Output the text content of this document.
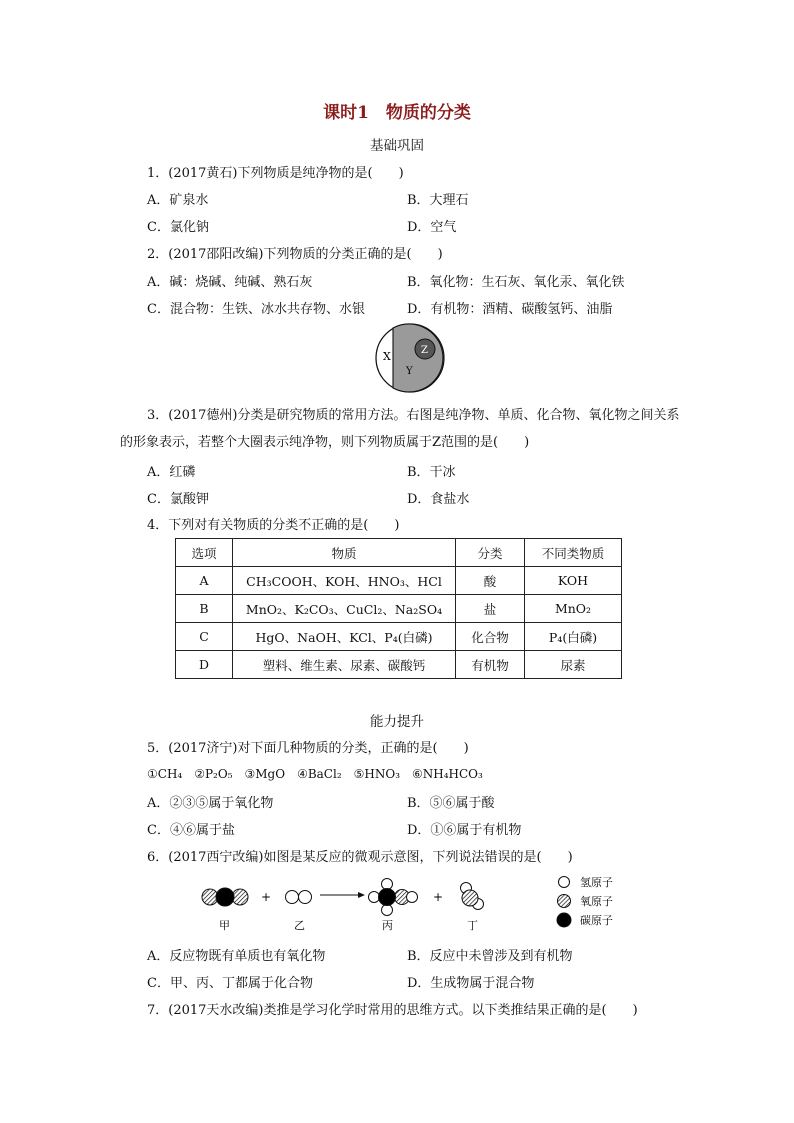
课时1　物质的分类
基础巩固
1．(2017黄石)下列物质是纯净物的是(　　)
A．矿泉水	B．大理石
C．氯化钠	D．空气
2．(2017邵阳改编)下列物质的分类正确的是(　　)
A．碱：烧碱、纯碱、熟石灰	B．氧化物：生石灰、氧化汞、氧化铁
C．混合物：生铁、冰水共存物、水银	D．有机物：酒精、碳酸氢钙、油脂
X
Y
Z
3．(2017德州)分类是研究物质的常用方法。右图是纯净物、单质、化合物、氧化物之间关系的形象表示，若整个大圈表示纯净物，则下列物质属于Z范围的是(　　)
A．红磷	B．干冰
C．氯酸钾	D．食盐水
4．下列对有关物质的分类不正确的是(　　)
选项	物质	分类	不同类物质
A	CH₃COOH、KOH、HNO₃、HCl	酸	KOH
B	MnO₂、K₂CO₃、CuCl₂、Na₂SO₄	盐	MnO₂
C	HgO、NaOH、KCl、P₄(白磷)	化合物	P₄(白磷)
D	塑料、维生素、尿素、碳酸钙	有机物	尿素
能力提升
5．(2017济宁)对下面几种物质的分类，正确的是(　　)
①CH₄　②P₂O₅　③MgO　④BaCl₂　⑤HNO₃　⑥NH₄HCO₃
A．②③⑤属于氧化物	B．⑤⑥属于酸
C．④⑥属于盐	D．①⑥属于有机物
6．(2017西宁改编)如图是某反应的微观示意图，下列说法错误的是(　　)
+	+
甲	乙	丙	丁
氢原子
氧原子
碳原子
A．反应物既有单质也有氧化物	B．反应中未曾涉及到有机物
C．甲、丙、丁都属于化合物	D．生成物属于混合物
7．(2017天水改编)类推是学习化学时常用的思维方式。以下类推结果正确的是(　　)
